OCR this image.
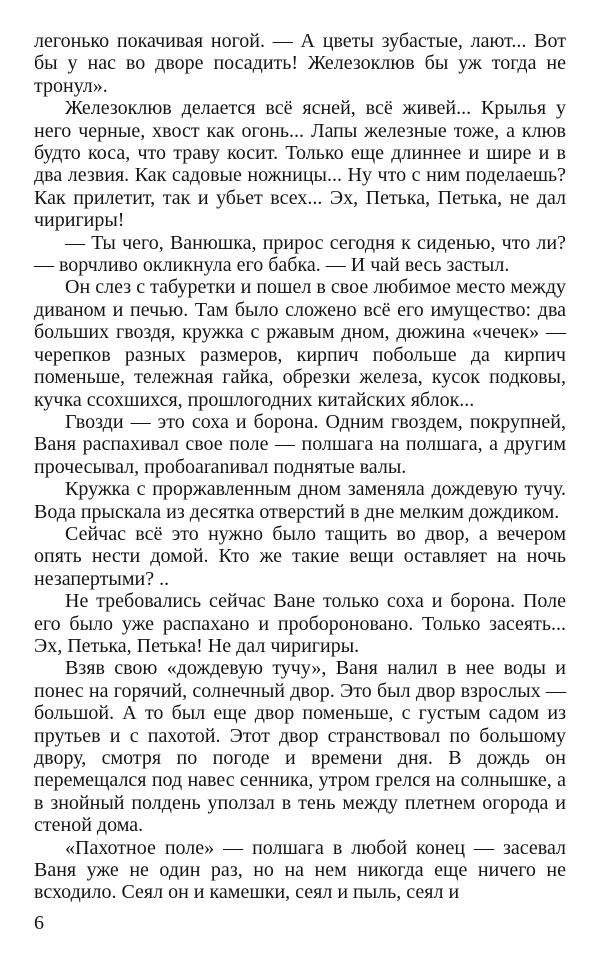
легонько покачивая ногой. — А цветы зубастые, лают... Вот бы у нас во дворе посадить! Железоклюв бы уж тогда не тронул».

Железоклюв делается всё ясней, всё живей... Крылья у него черные, хвост как огонь... Лапы железные тоже, а клюв будто коса, что траву косит. Только еще длиннее и шире и в два лезвия. Как садовые ножницы... Ну что с ним поделаешь? Как прилетит, так и убьет всех... Эх, Петька, Петька, не дал чиригиры!

— Ты чего, Ванюшка, прирос сегодня к сиденью, что ли? — ворчливо окликнула его бабка. — И чай весь застыл.

Он слез с табуретки и пошел в свое любимое место между диваном и печью. Там было сложено всё его имущество: два больших гвоздя, кружка с ржавым дном, дюжина «чечек» — черепков разных размеров, кирпич побольше да кирпич поменьше, тележная гайка, обрезки железа, кусок подковы, кучка ссохшихся, прошлогодних китайских яблок...

Гвозди — это соха и борона. Одним гвоздем, покрупней, Ваня распахивал свое поле — полшага на полшага, а другим прочесывал, пробоaranивал поднятые валы.

Кружка с проржавленным дном заменяла дождевую тучу. Вода прыскала из десятка отверстий в дне мелким дождиком.

Сейчас всё это нужно было тащить во двор, а вечером опять нести домой. Кто же такие вещи оставляет на ночь незапертыми? ..

Не требовались сейчас Ване только соха и борона. Поле его было уже распахано и проборонoвано. Только засеять... Эх, Петька, Петька! Не дал чиригиры.

Взяв свою «дождевую тучу», Ваня налил в нее воды и понес на горячий, солнечный двор. Это был двор взрослых — большой. А то был еще двор поменьше, с густым садом из прутьев и с пахотой. Этот двор странствовал по большому двору, смотря по погоде и времени дня. В дождь он перемещался под навес сенника, утром грелся на солнышке, а в знойный полдень уползал в тень между плетнем огорода и стеной дома.

«Пахотное поле» — полшага в любой конец — засевал Ваня уже не один раз, но на нем никогда еще ничего не всходило. Сеял он и камешки, сеял и пыль, сеял и

6
